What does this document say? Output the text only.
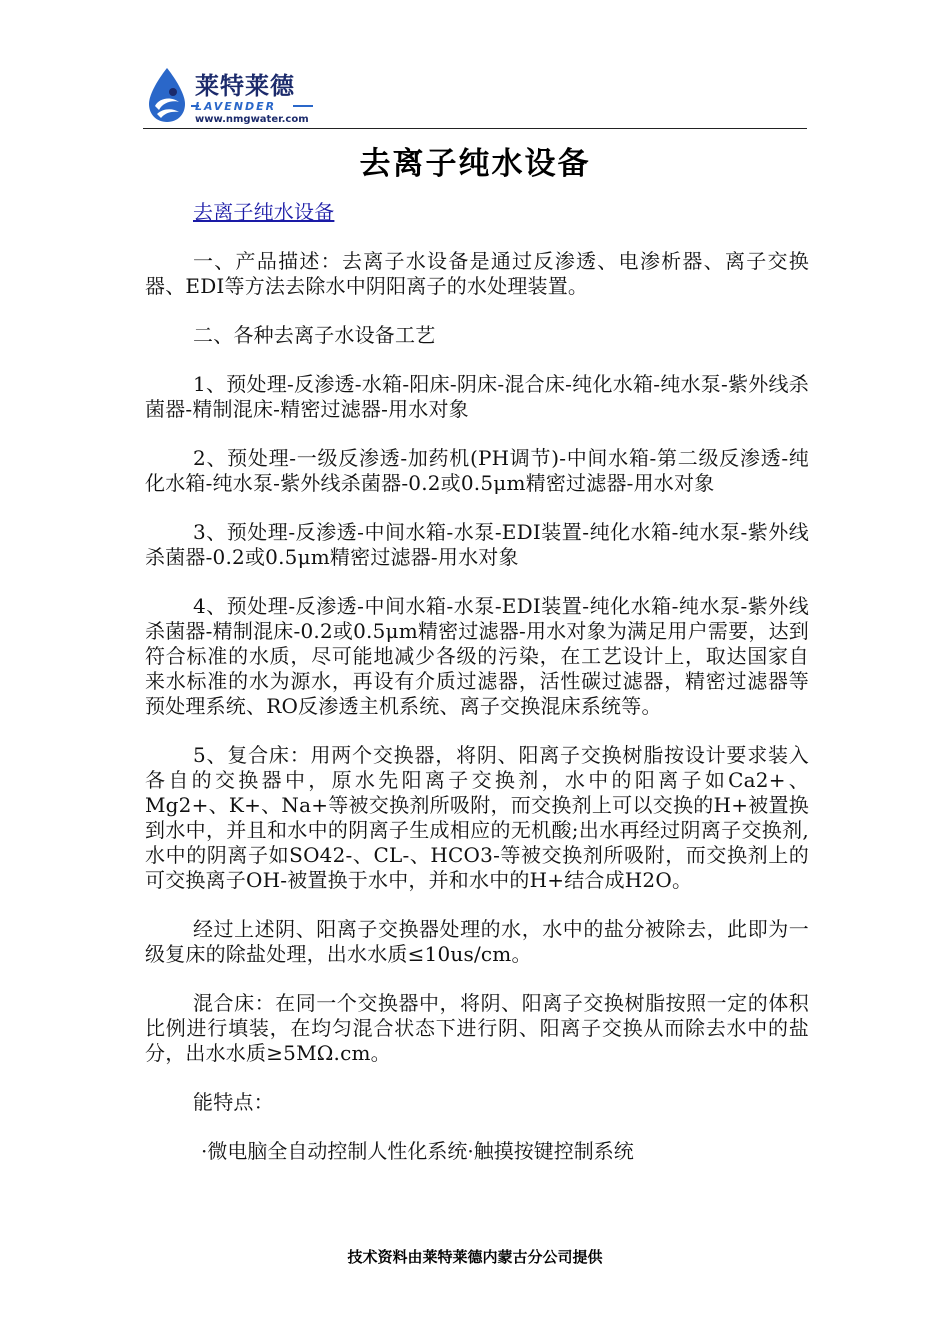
莱特莱德
LAVENDER
www.nmgwater.com
去离子纯水设备

去离子纯水设备

一、产品描述：去离子水设备是通过反渗透、电渗析器、离子交换器、EDI等方法去除水中阴阳离子的水处理装置。

二、各种去离子水设备工艺

1、预处理-反渗透-水箱-阳床-阴床-混合床-纯化水箱-纯水泵-紫外线杀菌器-精制混床-精密过滤器-用水对象

2、预处理-一级反渗透-加药机(PH调节)-中间水箱-第二级反渗透-纯化水箱-纯水泵-紫外线杀菌器-0.2或0.5μm精密过滤器-用水对象

3、预处理-反渗透-中间水箱-水泵-EDI装置-纯化水箱-纯水泵-紫外线杀菌器-0.2或0.5μm精密过滤器-用水对象

4、预处理-反渗透-中间水箱-水泵-EDI装置-纯化水箱-纯水泵-紫外线杀菌器-精制混床-0.2或0.5μm精密过滤器-用水对象为满足用户需要，达到符合标准的水质，尽可能地减少各级的污染，在工艺设计上，取达国家自来水标准的水为源水，再设有介质过滤器，活性碳过滤器，精密过滤器等预处理系统、RO反渗透主机系统、离子交换混床系统等。

5、复合床：用两个交换器，将阴、阳离子交换树脂按设计要求装入各自的交换器中，原水先阳离子交换剂，水中的阳离子如Ca2+、Mg2+、K+、Na+等被交换剂所吸附，而交换剂上可以交换的H+被置换到水中，并且和水中的阴离子生成相应的无机酸;出水再经过阴离子交换剂,水中的阴离子如SO42-、CL-、HCO3-等被交换剂所吸附，而交换剂上的可交换离子OH-被置换于水中，并和水中的H+结合成H2O。

经过上述阴、阳离子交换器处理的水，水中的盐分被除去，此即为一级复床的除盐处理，出水水质≤10us/cm。

混合床：在同一个交换器中，将阴、阳离子交换树脂按照一定的体积比例进行填装，在均匀混合状态下进行阴、阳离子交换从而除去水中的盐分，出水水质≥5MΩ.cm。

能特点：

·微电脑全自动控制人性化系统·触摸按键控制系统

技术资料由莱特莱德内蒙古分公司提供
